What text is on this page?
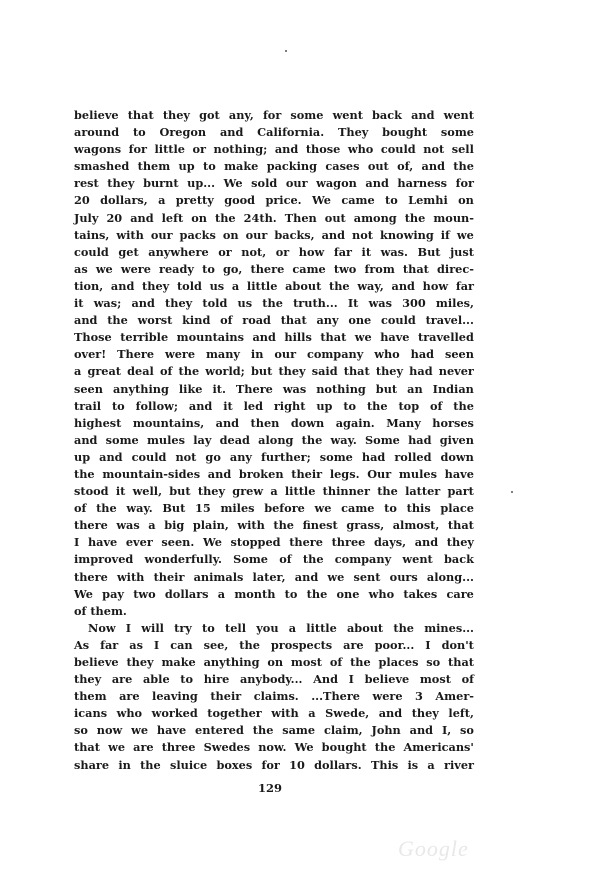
believe that they got any, for some went back and went
around to Oregon and California. They bought some
wagons for little or nothing; and those who could not sell
smashed them up to make packing cases out of, and the
rest they burnt up... We sold our wagon and harness for
20 dollars, a pretty good price. We came to Lemhi on
July 20 and left on the 24th. Then out among the moun-
tains, with our packs on our backs, and not knowing if we
could get anywhere or not, or how far it was. But just
as we were ready to go, there came two from that direc-
tion, and they told us a little about the way, and how far
it was; and they told us the truth... It was 300 miles,
and the worst kind of road that any one could travel...
Those terrible mountains and hills that we have travelled
over! There were many in our company who had seen
a great deal of the world; but they said that they had never
seen anything like it. There was nothing but an Indian
trail to follow; and it led right up to the top of the
highest mountains, and then down again. Many horses
and some mules lay dead along the way. Some had given
up and could not go any further; some had rolled down
the mountain-sides and broken their legs. Our mules have
stood it well, but they grew a little thinner the latter part
of the way. But 15 miles before we came to this place
there was a big plain, with the finest grass, almost, that
I have ever seen. We stopped there three days, and they
improved wonderfully. Some of the company went back
there with their animals later, and we sent ours along...
We pay two dollars a month to the one who takes care
of them.
Now I will try to tell you a little about the mines...
As far as I can see, the prospects are poor... I don't
believe they make anything on most of the places so that
they are able to hire anybody... And I believe most of
them are leaving their claims. ...There were 3 Amer-
icans who worked together with a Swede, and they left,
so now we have entered the same claim, John and I, so
that we are three Swedes now. We bought the Americans'
share in the sluice boxes for 10 dollars. This is a river
129
Google
